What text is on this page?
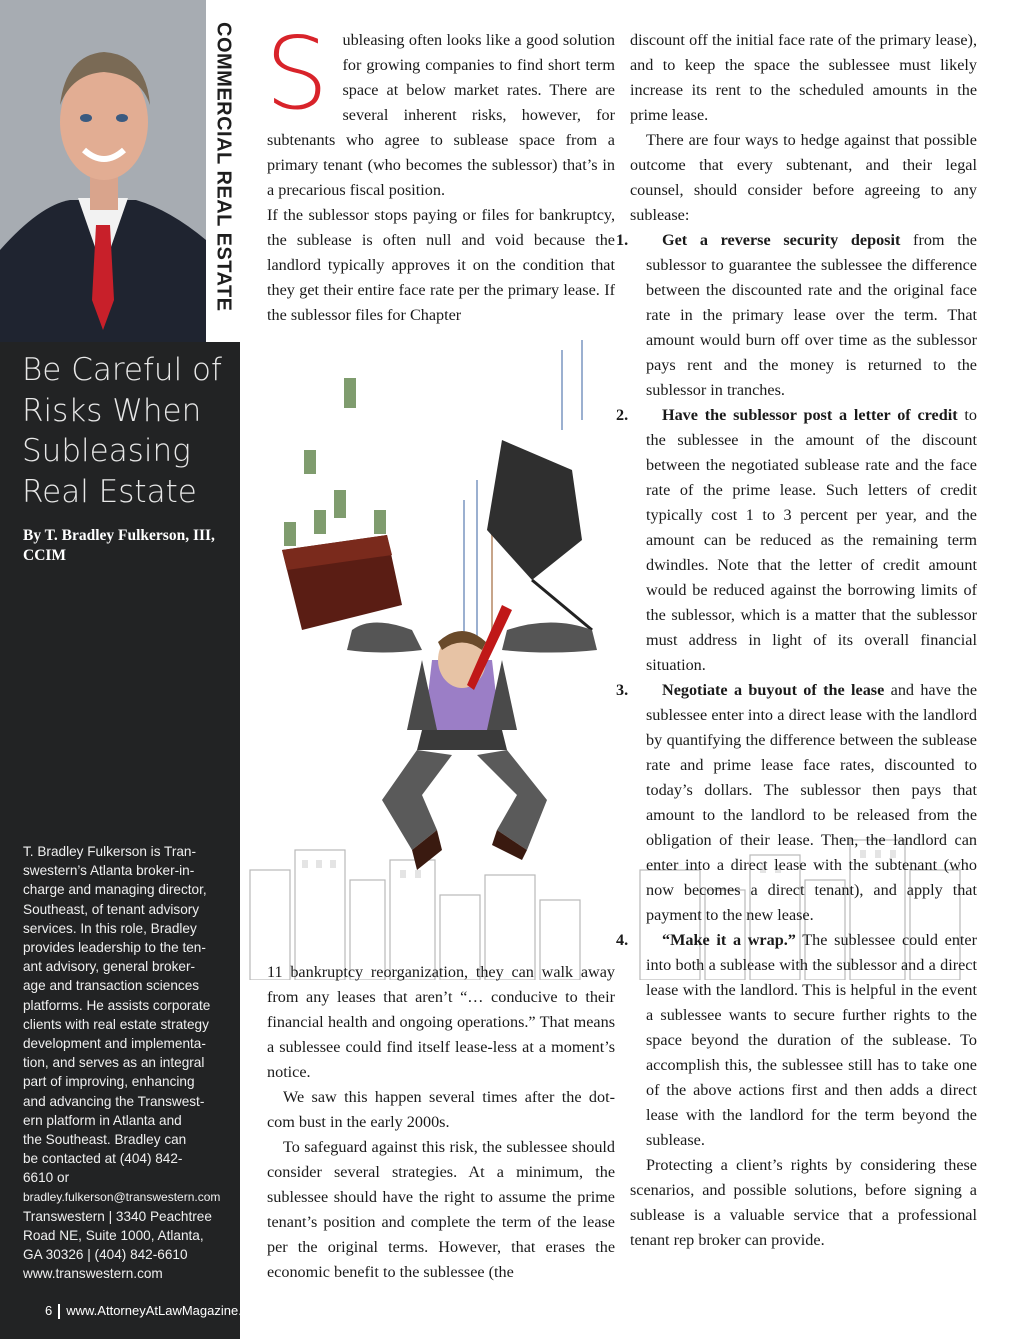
COMMERCIAL REAL ESTATE
Be Careful of
Risks When
Subleasing
Real Estate
By T. Bradley Fulkerson, III,
CCIM
T. Bradley Fulkerson is Tran-
swestern’s Atlanta broker-in-
charge and managing director,
Southeast, of tenant advisory
services. In this role, Bradley
provides leadership to the ten-
ant advisory, general broker-
age and transaction sciences
platforms. He assists corporate
clients with real estate strategy
development and implementa-
tion, and serves as an integral
part of improving, enhancing
and advancing the Transwest-
ern platform in Atlanta and
the Southeast. Bradley can
be contacted at (404) 842-
6610 or
bradley.fulkerson@transwestern.com
Transwestern | 3340 Peachtree
Road NE, Suite 1000, Atlanta,
GA 30326 | (404) 842-6610
www.transwestern.com
6 www.AttorneyAtLawMagazine.com

Subleasing often looks like a good solution for growing companies to find short term space at below market rates. There are several inherent risks, however, for subtenants who agree to sublease space from a primary tenant (who becomes the sublessor) that’s in a precarious fiscal position.

If the sublessor stops paying or files for bankruptcy, the sublease is often null and void because the landlord typically approves it on the condition that they get their entire face rate per the primary lease. If the sublessor files for Chapter

11 bankruptcy reorganization, they can walk away from any leases that aren’t “… conducive to their financial health and ongoing operations.” That means a sublessee could find itself lease-less at a moment’s notice.

We saw this happen several times after the dot-com bust in the early 2000s.

To safeguard against this risk, the sublessee should consider several strategies. At a minimum, the sublessee should have the right to assume the prime tenant’s position and complete the term of the lease per the original terms. However, that erases the economic benefit to the sublessee (the

discount off the initial face rate of the primary lease), and to keep the space the sublessee must likely increase its rent to the scheduled amounts in the prime lease.

There are four ways to hedge against that possible outcome that every subtenant, and their legal counsel, should consider before agreeing to any sublease:

1. Get a reverse security deposit from the sublessor to guarantee the sublessee the difference between the discounted rate and the original face rate in the primary lease over the term. That amount would burn off over time as the sublessor pays rent and the money is returned to the sublessor in tranches.
2. Have the sublessor post a letter of credit to the sublessee in the amount of the discount between the negotiated sublease rate and the face rate of the prime lease. Such letters of credit typically cost 1 to 3 percent per year, and the amount can be reduced as the remaining term dwindles. Note that the letter of credit amount would be reduced against the borrowing limits of the sublessor, which is a matter that the sublessor must address in light of its overall financial situation.
3. Negotiate a buyout of the lease and have the sublessee enter into a direct lease with the landlord by quantifying the difference between the sublease rate and prime lease face rates, discounted to today’s dollars. The sublessor then pays that amount to the landlord to be released from the obligation of their lease. Then, the landlord can enter into a direct lease with the subtenant (who now becomes a direct tenant), and apply that payment to the new lease.
4. “Make it a wrap.” The sublessee could enter into both a sublease with the sublessor and a direct lease with the landlord. This is helpful in the event a sublessee wants to secure further rights to the space beyond the duration of the sublease. To accomplish this, the sublessee still has to take one of the above actions first and then adds a direct lease with the landlord for the term beyond the sublease.

Protecting a client’s rights by considering these scenarios, and possible solutions, before signing a sublease is a valuable service that a professional tenant rep broker can provide.
